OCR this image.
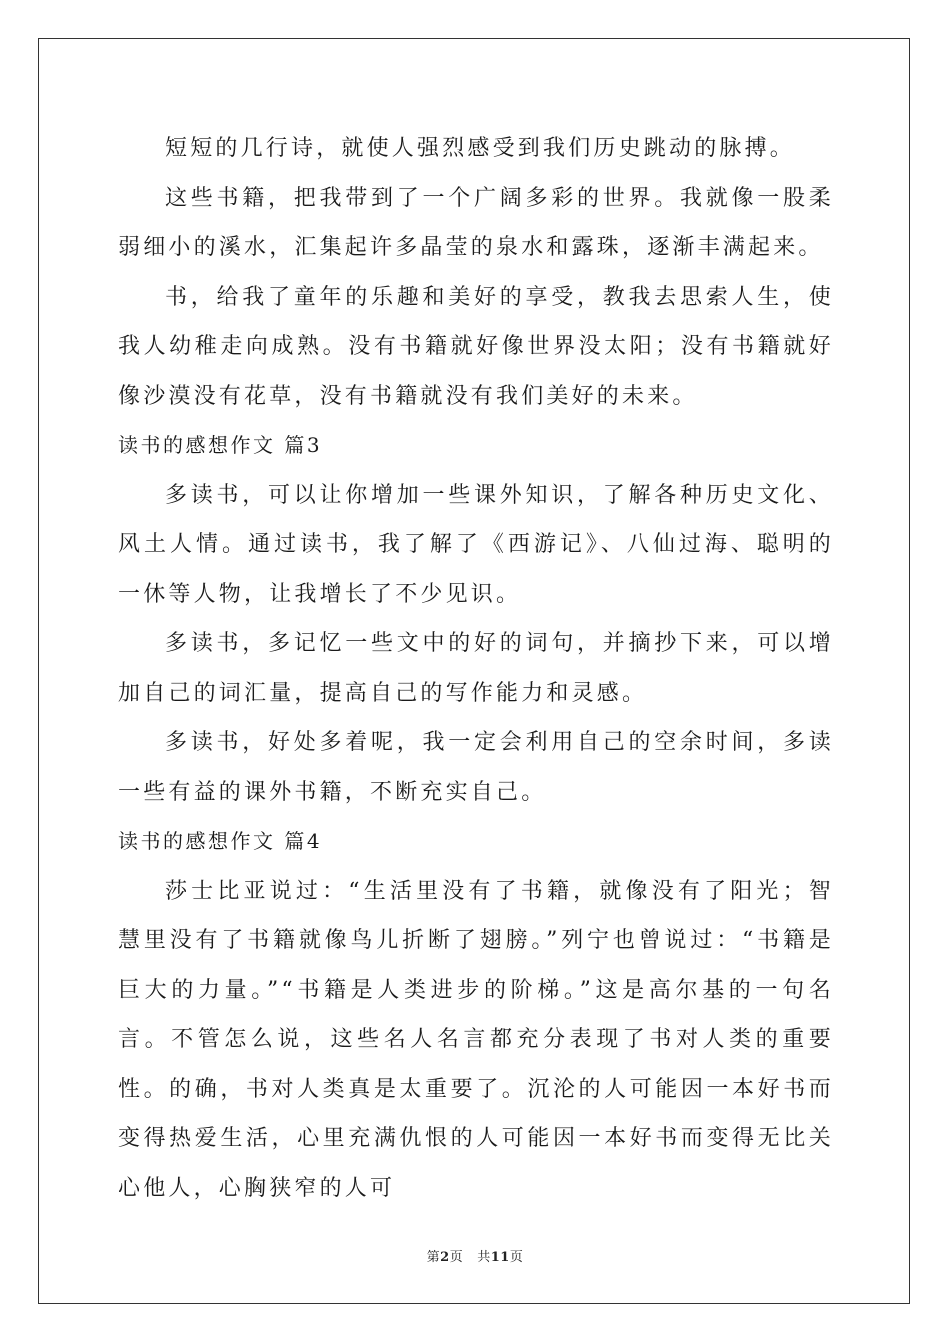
短短的几行诗，就使人强烈感受到我们历史跳动的脉搏。

这些书籍，把我带到了一个广阔多彩的世界。我就像一股柔弱细小的溪水，汇集起许多晶莹的泉水和露珠，逐渐丰满起来。

书，给我了童年的乐趣和美好的享受，教我去思索人生，使我人幼稚走向成熟。没有书籍就好像世界没太阳；没有书籍就好像沙漠没有花草，没有书籍就没有我们美好的未来。

读书的感想作文 篇3

多读书，可以让你增加一些课外知识，了解各种历史文化、风土人情。通过读书，我了解了《西游记》、八仙过海、聪明的一休等人物，让我增长了不少见识。

多读书，多记忆一些文中的好的词句，并摘抄下来，可以增加自己的词汇量，提高自己的写作能力和灵感。

多读书，好处多着呢，我一定会利用自己的空余时间，多读一些有益的课外书籍，不断充实自己。

读书的感想作文 篇4

莎士比亚说过：“生活里没有了书籍，就像没有了阳光；智慧里没有了书籍就像鸟儿折断了翅膀。”列宁也曾说过：“书籍是巨大的力量。”“书籍是人类进步的阶梯。”这是高尔基的一句名言。不管怎么说，这些名人名言都充分表现了书对人类的重要性。的确，书对人类真是太重要了。沉沦的人可能因一本好书而变得热爱生活，心里充满仇恨的人可能因一本好书而变得无比关心他人，心胸狭窄的人可

第2页 共11页
